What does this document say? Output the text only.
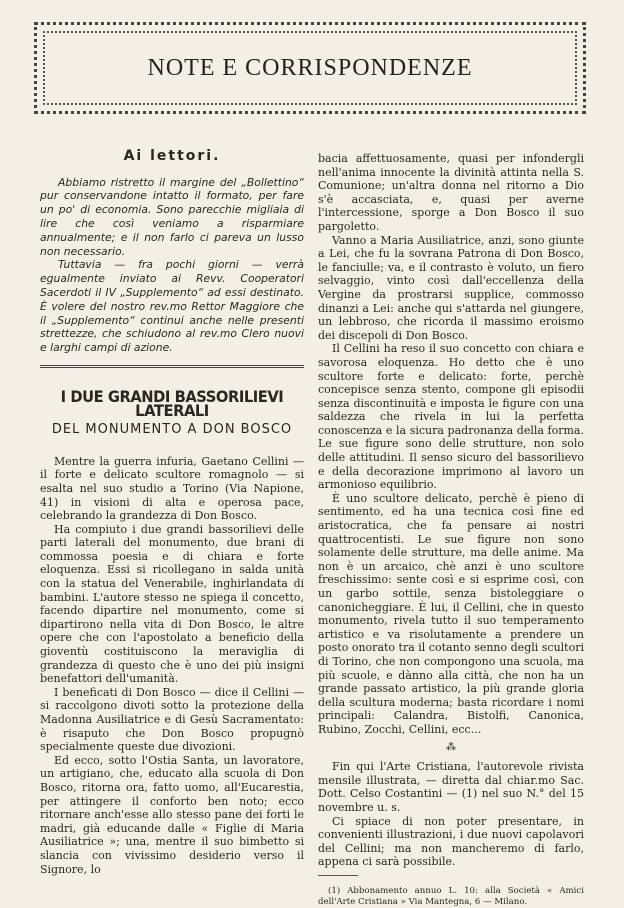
NOTE E CORRISPONDENZE
Ai lettori.

Abbiamo ristretto il margine del „Bollettino“ pur conservandone intatto il formato, per fare un po' di economia. Sono parecchie migliaia di lire che così veniamo a risparmiare annualmente; e il non farlo ci pareva un lusso non necessario.

Tuttavia — fra pochi giorni — verrà egualmente inviato ai Revv. Cooperatori Sacerdoti il IV „Supplemento“ ad essi destinato. È volere del nostro rev.mo Rettor Maggiore che il „Supplemento“ continui anche nelle presenti strettezze, che schiudono al rev.mo Clero nuovi e larghi campi di azione.

I DUE GRANDI BASSORILIEVI LATERALI
DEL MONUMENTO A DON BOSCO

Mentre la guerra infuria, Gaetano Cellini — il forte e delicato scultore romagnolo — si esalta nel suo studio a Torino (Via Napione, 41) in visioni di alta e operosa pace, celebrando la grandezza di Don Bosco.

Ha compiuto i due grandi bassorilievi delle parti laterali del monumento, due brani di commossa poesia e di chiara e forte eloquenza. Essi si ricollegano in salda unità con la statua del Venerabile, inghirlandata di bambini. L'autore stesso ne spiega il concetto, facendo dipartire nel monumento, come si dipartirono nella vita di Don Bosco, le altre opere che con l'apostolato a beneficio della gioventù costituiscono la meraviglia di grandezza di questo che è uno dei più insigni benefattori dell'umanità.

I beneficati di Don Bosco — dice il Cellini — si raccolgono divoti sotto la protezione della Madonna Ausiliatrice e di Gesù Sacramentato: è risaputo che Don Bosco propugnò specialmente queste due divozioni.

Ed ecco, sotto l'Ostia Santa, un lavoratore, un artigiano, che, educato alla scuola di Don Bosco, ritorna ora, fatto uomo, all'Eucarestia, per attingere il conforto ben noto; ecco ritornare anch'esse allo stesso pane dei forti le madri, già educande dalle « Figlie di Maria Ausiliatrice »; una, mentre il suo bimbetto si slancia con vivissimo desiderio verso il Signore, lo

bacia affettuosamente, quasi per infondergli nell'anima innocente la divinità attinta nella S. Comunione; un'altra donna nel ritorno a Dio s'è accasciata, e, quasi per averne l'intercessione, sporge a Don Bosco il suo pargoletto.

Vanno a Maria Ausiliatrice, anzi, sono giunte a Lei, che fu la sovrana Patrona di Don Bosco, le fanciulle; va, e il contrasto è voluto, un fiero selvaggio, vinto così dall'eccellenza della Vergine da prostrarsi supplice, commosso dinanzi a Lei: anche qui s'attarda nel giungere, un lebbroso, che ricorda il massimo eroismo dei discepoli di Don Bosco.

Il Cellini ha reso il suo concetto con chiara e savorosa eloquenza. Ho detto che è uno scultore forte e delicato: forte, perchè concepisce senza stento, compone gli episodii senza discontinuità e imposta le figure con una saldezza che rivela in lui la perfetta conoscenza e la sicura padronanza della forma. Le sue figure sono delle strutture, non solo delle attitudini. Il senso sicuro del bassorilievo e della decorazione imprimono al lavoro un armonioso equilibrio.

È uno scultore delicato, perchè è pieno di sentimento, ed ha una tecnica così fine ed aristocratica, che fa pensare ai nostri quattrocentisti. Le sue figure non sono solamente delle strutture, ma delle anime. Ma non è un arcaico, chè anzi è uno scultore freschissimo: sente così e si esprime così, con un garbo sottile, senza bistoleggiare o canonicheggiare. È lui, il Cellini, che in questo monumento, rivela tutto il suo temperamento artistico e va risolutamente a prendere un posto onorato tra il cotanto senno degli scultori di Torino, che non compongono una scuola, ma più scuole, e dànno alla città, che non ha un grande passato artistico, la più grande gloria della scultura moderna; basta ricordare i nomi principali: Calandra, Bistolfi, Canonica, Rubino, Zocchi, Cellini, ecc...

⁂

Fin qui l'Arte Cristiana, l'autorevole rivista mensile illustrata, — diretta dal chiar.mo Sac. Dott. Celso Costantini — (1) nel suo N.° del 15 novembre u. s.

Ci spiace di non poter presentare, in convenienti illustrazioni, i due nuovi capolavori del Cellini; ma non mancheremo di farlo, appena ci sarà possibile.

(1) Abbonamento annuo L. 10: alla Società « Amici dell'Arte Cristiana » Via Mantegna, 6 — Milano.
